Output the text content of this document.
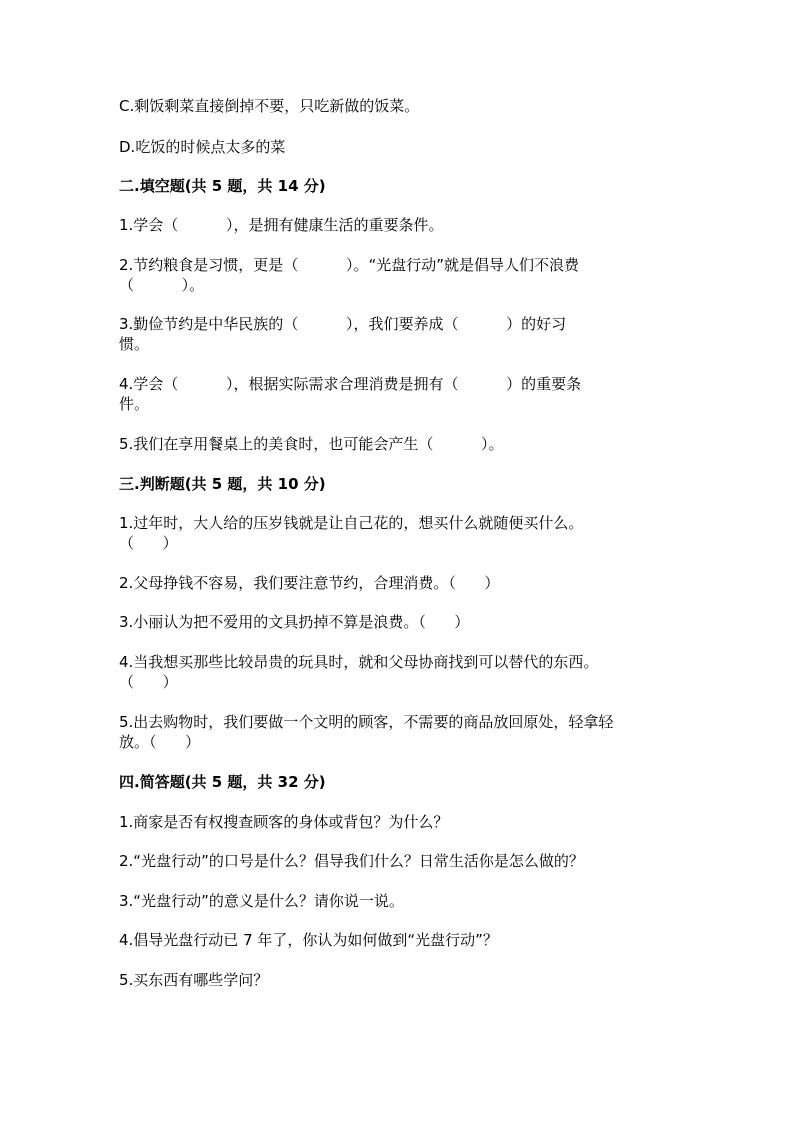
C.剩饭剩菜直接倒掉不要，只吃新做的饭菜。
D.吃饭的时候点太多的菜
二.填空题(共 5 题，共 14 分)
1.学会（          ），是拥有健康生活的重要条件。
2.节约粮食是习惯，更是（          ）。“光盘行动”就是倡导人们不浪费
（          ）。
3.勤俭节约是中华民族的（          ），我们要养成（          ）的好习
惯。
4.学会（          ），根据实际需求合理消费是拥有（          ）的重要条
件。
5.我们在享用餐桌上的美食时，也可能会产生（          ）。
三.判断题(共 5 题，共 10 分)
1.过年时，大人给的压岁钱就是让自己花的，想买什么就随便买什么。
（      ）
2.父母挣钱不容易，我们要注意节约，合理消费。（      ）
3.小丽认为把不爱用的文具扔掉不算是浪费。（      ）
4.当我想买那些比较昂贵的玩具时，就和父母协商找到可以替代的东西。
（      ）
5.出去购物时，我们要做一个文明的顾客，不需要的商品放回原处，轻拿轻
放。（      ）
四.简答题(共 5 题，共 32 分)
1.商家是否有权搜查顾客的身体或背包？为什么？
2.“光盘行动”的口号是什么？倡导我们什么？日常生活你是怎么做的？
3.“光盘行动”的意义是什么？请你说一说。
4.倡导光盘行动已 7 年了，你认为如何做到“光盘行动”？
5.买东西有哪些学问？
